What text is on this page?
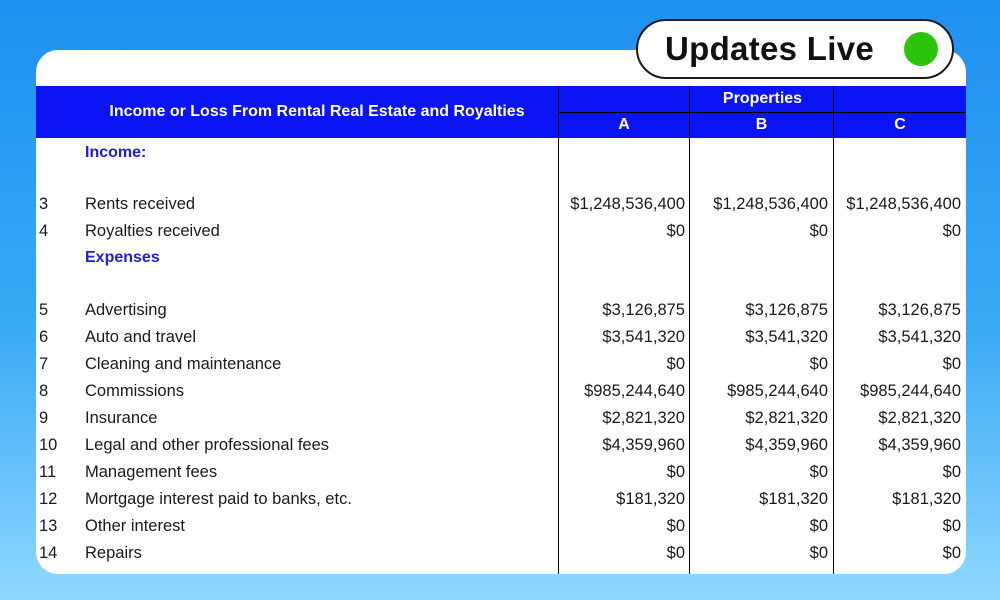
Updates Live
Income or Loss From Rental Real Estate and Royalties
Properties
A	B	C
Income:
3 Rents received	$1,248,536,400 $1,248,536,400 $1,248,536,400
4 Royalties received	$0	$0	$0
Expenses
5 Advertising	$3,126,875	$3,126,875	$3,126,875
6 Auto and travel	$3,541,320	$3,541,320	$3,541,320
7 Cleaning and maintenance	$0	$0	$0
8 Commissions	$985,244,640	$985,244,640 $985,244,640
9 Insurance	$2,821,320	$2,821,320	$2,821,320
10 Legal and other professional fees	$4,359,960	$4,359,960	$4,359,960
11 Management fees	$0	$0	$0
12 Mortgage interest paid to banks, etc.	$181,320	$181,320	$181,320
13 Other interest	$0	$0	$0
14 Repairs	$0	$0	$0
